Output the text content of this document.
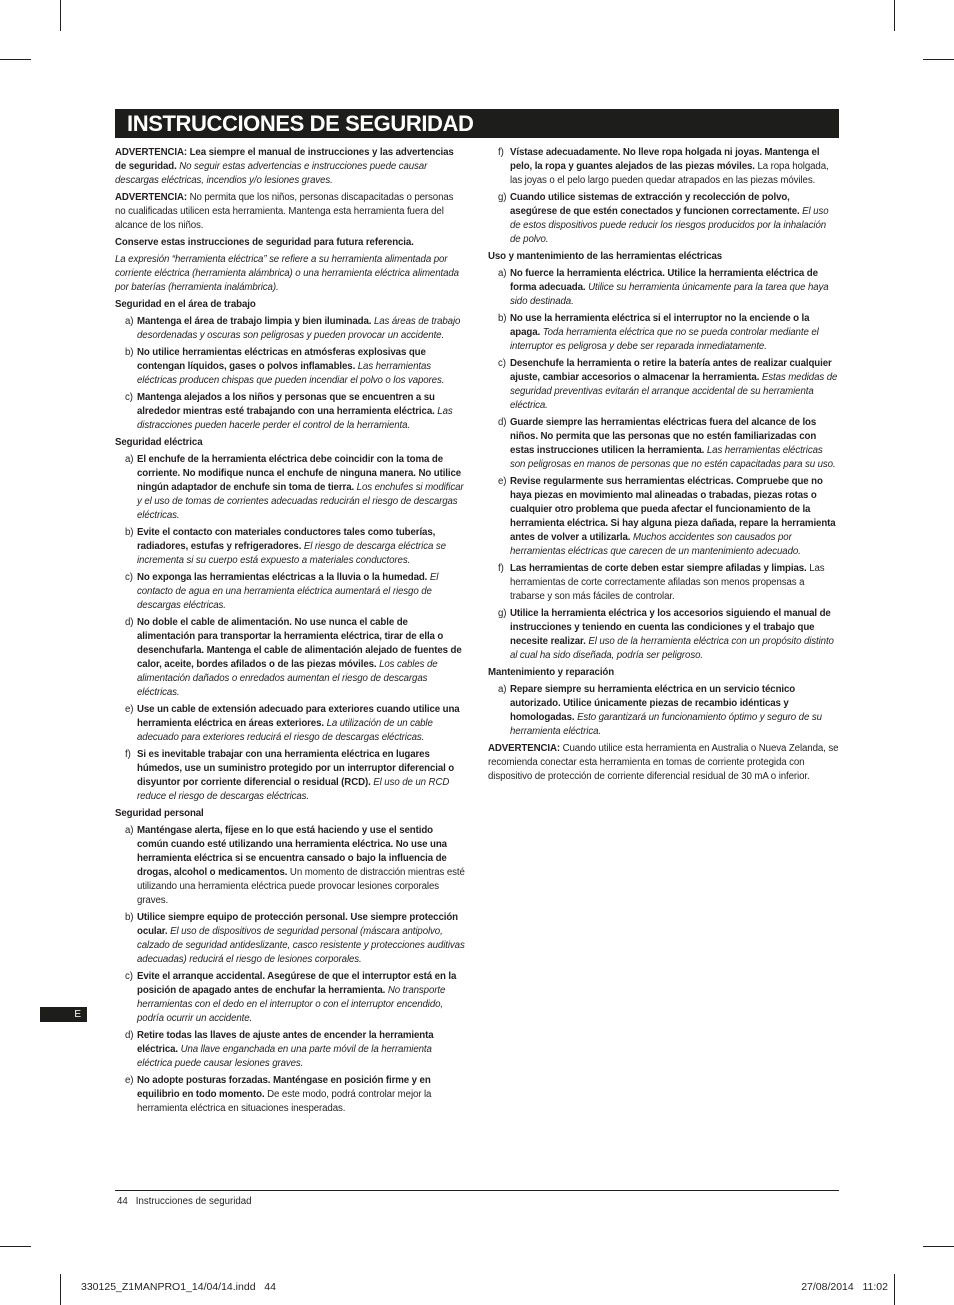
INSTRUCCIONES DE SEGURIDAD

ADVERTENCIA: Lea siempre el manual de instrucciones y las advertencias de seguridad. No seguir estas advertencias e instrucciones puede causar descargas eléctricas, incendios y/o lesiones graves.

ADVERTENCIA: No permita que los niños, personas discapacitadas o personas no cualificadas utilicen esta herramienta. Mantenga esta herramienta fuera del alcance de los niños.

Conserve estas instrucciones de seguridad para futura referencia.

La expresión “herramienta eléctrica” se refiere a su herramienta alimentada por corriente eléctrica (herramienta alámbrica) o una herramienta eléctrica alimentada por baterías (herramienta inalámbrica).

Seguridad en el área de trabajo

a) Mantenga el área de trabajo limpia y bien iluminada. Las áreas de trabajo desordenadas y oscuras son peligrosas y pueden provocar un accidente.

b) No utilice herramientas eléctricas en atmósferas explosivas que contengan líquidos, gases o polvos inflamables. Las herramientas eléctricas producen chispas que pueden incendiar el polvo o los vapores.

c) Mantenga alejados a los niños y personas que se encuentren a su alrededor mientras esté trabajando con una herramienta eléctrica. Las distracciones pueden hacerle perder el control de la herramienta.

Seguridad eléctrica

a) El enchufe de la herramienta eléctrica debe coincidir con la toma de corriente. No modifique nunca el enchufe de ninguna manera. No utilice ningún adaptador de enchufe sin toma de tierra. Los enchufes si modificar y el uso de tomas de corrientes adecuadas reducirán el riesgo de descargas eléctricas.

b) Evite el contacto con materiales conductores tales como tuberías, radiadores, estufas y refrigeradores. El riesgo de descarga eléctrica se incrementa si su cuerpo está expuesto a materiales conductores.

c) No exponga las herramientas eléctricas a la lluvia o la humedad. El contacto de agua en una herramienta eléctrica aumentará el riesgo de descargas eléctricas.

d) No doble el cable de alimentación. No use nunca el cable de alimentación para transportar la herramienta eléctrica, tirar de ella o desenchufarla. Mantenga el cable de alimentación alejado de fuentes de calor, aceite, bordes afilados o de las piezas móviles. Los cables de alimentación dañados o enredados aumentan el riesgo de descargas eléctricas.

e) Use un cable de extensión adecuado para exteriores cuando utilice una herramienta eléctrica en áreas exteriores. La utilización de un cable adecuado para exteriores reducirá el riesgo de descargas eléctricas.

f) Si es inevitable trabajar con una herramienta eléctrica en lugares húmedos, use un suministro protegido por un interruptor diferencial o disyuntor por corriente diferencial o residual (RCD). El uso de un RCD reduce el riesgo de descargas eléctricas.

Seguridad personal

a) Manténgase alerta, fíjese en lo que está haciendo y use el sentido común cuando esté utilizando una herramienta eléctrica. No use una herramienta eléctrica si se encuentra cansado o bajo la influencia de drogas, alcohol o medicamentos. Un momento de distracción mientras esté utilizando una herramienta eléctrica puede provocar lesiones corporales graves.

b) Utilice siempre equipo de protección personal. Use siempre protección ocular. El uso de dispositivos de seguridad personal (máscara antipolvo, calzado de seguridad antideslizante, casco resistente y protecciones auditivas adecuadas) reducirá el riesgo de lesiones corporales.

c) Evite el arranque accidental. Asegúrese de que el interruptor está en la posición de apagado antes de enchufar la herramienta. No transporte herramientas con el dedo en el interruptor o con el interruptor encendido, podría ocurrir un accidente.

d) Retire todas las llaves de ajuste antes de encender la herramienta eléctrica. Una llave enganchada en una parte móvil de la herramienta eléctrica puede causar lesiones graves.

e) No adopte posturas forzadas. Manténgase en posición firme y en equilibrio en todo momento. De este modo, podrá controlar mejor la herramienta eléctrica en situaciones inesperadas.

f) Vístase adecuadamente. No lleve ropa holgada ni joyas. Mantenga el pelo, la ropa y guantes alejados de las piezas móviles. La ropa holgada, las joyas o el pelo largo pueden quedar atrapados en las piezas móviles.

g) Cuando utilice sistemas de extracción y recolección de polvo, asegúrese de que estén conectados y funcionen correctamente. El uso de estos dispositivos puede reducir los riesgos producidos por la inhalación de polvo.

Uso y mantenimiento de las herramientas eléctricas

a) No fuerce la herramienta eléctrica. Utilice la herramienta eléctrica de forma adecuada. Utilice su herramienta únicamente para la tarea que haya sido destinada.

b) No use la herramienta eléctrica si el interruptor no la enciende o la apaga. Toda herramienta eléctrica que no se pueda controlar mediante el interruptor es peligrosa y debe ser reparada inmediatamente.

c) Desenchufe la herramienta o retire la batería antes de realizar cualquier ajuste, cambiar accesorios o almacenar la herramienta. Estas medidas de seguridad preventivas evitarán el arranque accidental de su herramienta eléctrica.

d) Guarde siempre las herramientas eléctricas fuera del alcance de los niños. No permita que las personas que no estén familiarizadas con estas instrucciones utilicen la herramienta. Las herramientas eléctricas son peligrosas en manos de personas que no estén capacitadas para su uso.

e) Revise regularmente sus herramientas eléctricas. Compruebe que no haya piezas en movimiento mal alineadas o trabadas, piezas rotas o cualquier otro problema que pueda afectar el funcionamiento de la herramienta eléctrica. Si hay alguna pieza dañada, repare la herramienta antes de volver a utilizarla. Muchos accidentes son causados por herramientas eléctricas que carecen de un mantenimiento adecuado.

f) Las herramientas de corte deben estar siempre afiladas y limpias. Las herramientas de corte correctamente afiladas son menos propensas a trabarse y son más fáciles de controlar.

g) Utilice la herramienta eléctrica y los accesorios siguiendo el manual de instrucciones y teniendo en cuenta las condiciones y el trabajo que necesite realizar. El uso de la herramienta eléctrica con un propósito distinto al cual ha sido diseñada, podría ser peligroso.

Mantenimiento y reparación

a) Repare siempre su herramienta eléctrica en un servicio técnico autorizado. Utilice únicamente piezas de recambio idénticas y homologadas. Esto garantizará un funcionamiento óptimo y seguro de su herramienta eléctrica.

ADVERTENCIA: Cuando utilice esta herramienta en Australia o Nueva Zelanda, se recomienda conectar esta herramienta en tomas de corriente protegida con dispositivo de protección de corriente diferencial residual de 30 mA o inferior.

E
44 Instrucciones de seguridad
330125_Z1MANPRO1_14/04/14.indd   44	27/08/2014   11:02
